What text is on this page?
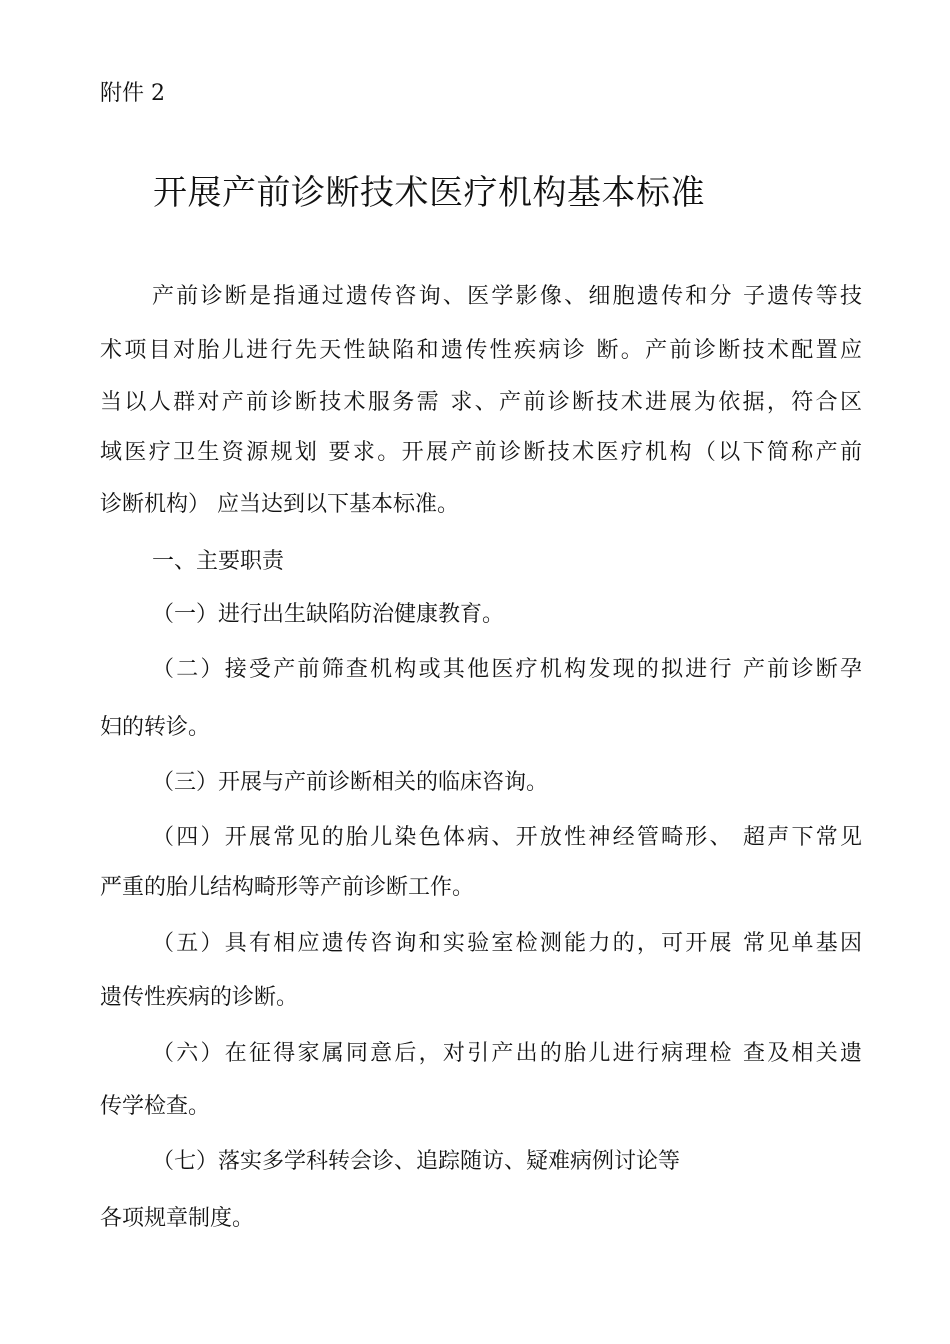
附件 2
开展产前诊断技术医疗机构基本标准
产前诊断是指通过遗传咨询、医学影像、细胞遗传和分 子遗传等技
术项目对胎儿进行先天性缺陷和遗传性疾病诊 断。产前诊断技术配置应
当以人群对产前诊断技术服务需 求、产前诊断技术进展为依据，符合区
域医疗卫生资源规划 要求。开展产前诊断技术医疗机构（以下简称产前
诊断机构） 应当达到以下基本标准。
一、主要职责
（一）进行出生缺陷防治健康教育。
（二）接受产前筛查机构或其他医疗机构发现的拟进行 产前诊断孕
妇的转诊。
（三）开展与产前诊断相关的临床咨询。
（四）开展常见的胎儿染色体病、开放性神经管畸形、 超声下常见
严重的胎儿结构畸形等产前诊断工作。
（五）具有相应遗传咨询和实验室检测能力的，可开展 常见单基因
遗传性疾病的诊断。
（六）在征得家属同意后，对引产出的胎儿进行病理检 查及相关遗
传学检查。
（七）落实多学科转会诊、追踪随访、疑难病例讨论等
各项规章制度。
